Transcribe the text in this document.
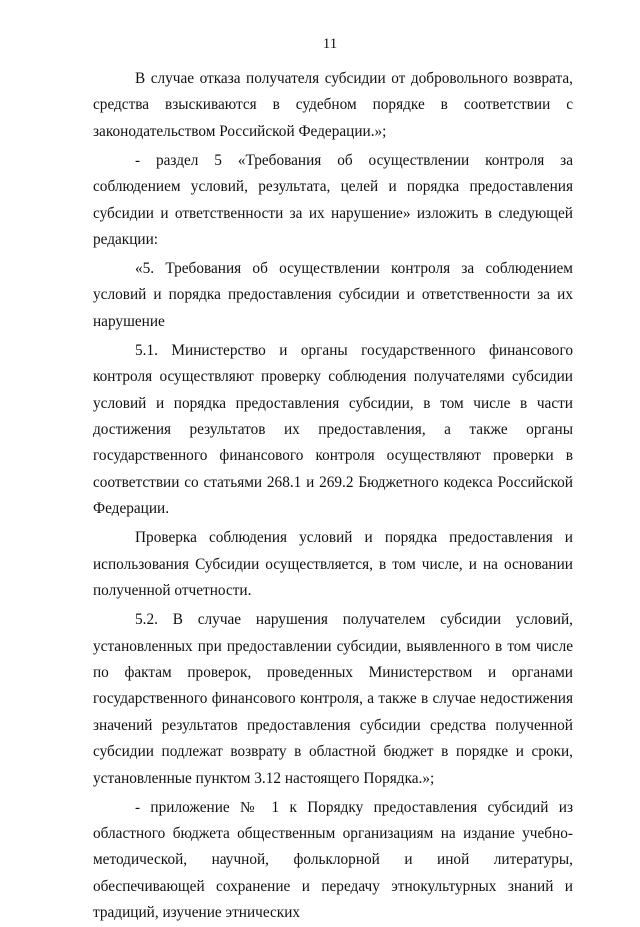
11

В случае отказа получателя субсидии от добровольного возврата, средства взыскиваются в судебном порядке в соответствии с законодательством Российской Федерации.»;

- раздел 5 «Требования об осуществлении контроля за соблюдением условий, результата, целей и порядка предоставления субсидии и ответственности за их нарушение» изложить в следующей редакции:

«5. Требования об осуществлении контроля за соблюдением условий и порядка предоставления субсидии и ответственности за их нарушение

5.1. Министерство и органы государственного финансового контроля осуществляют проверку соблюдения получателями субсидии условий и порядка предоставления субсидии, в том числе в части достижения результатов их предоставления, а также органы государственного финансового контроля осуществляют проверки в соответствии со статьями 268.1 и 269.2 Бюджетного кодекса Российской Федерации.

Проверка соблюдения условий и порядка предоставления и использования Субсидии осуществляется, в том числе, и на основании полученной отчетности.

5.2. В случае нарушения получателем субсидии условий, установленных при предоставлении субсидии, выявленного в том числе по фактам проверок, проведенных Министерством и органами государственного финансового контроля, а также в случае недостижения значений результатов предоставления субсидии средства полученной субсидии подлежат возврату в областной бюджет в порядке и сроки, установленные пунктом 3.12 настоящего Порядка.»;

- приложение № 1 к Порядку предоставления субсидий из областного бюджета общественным организациям на издание учебно-методической, научной, фольклорной и иной литературы, обеспечивающей сохранение и передачу этнокультурных знаний и традиций, изучение этнических
